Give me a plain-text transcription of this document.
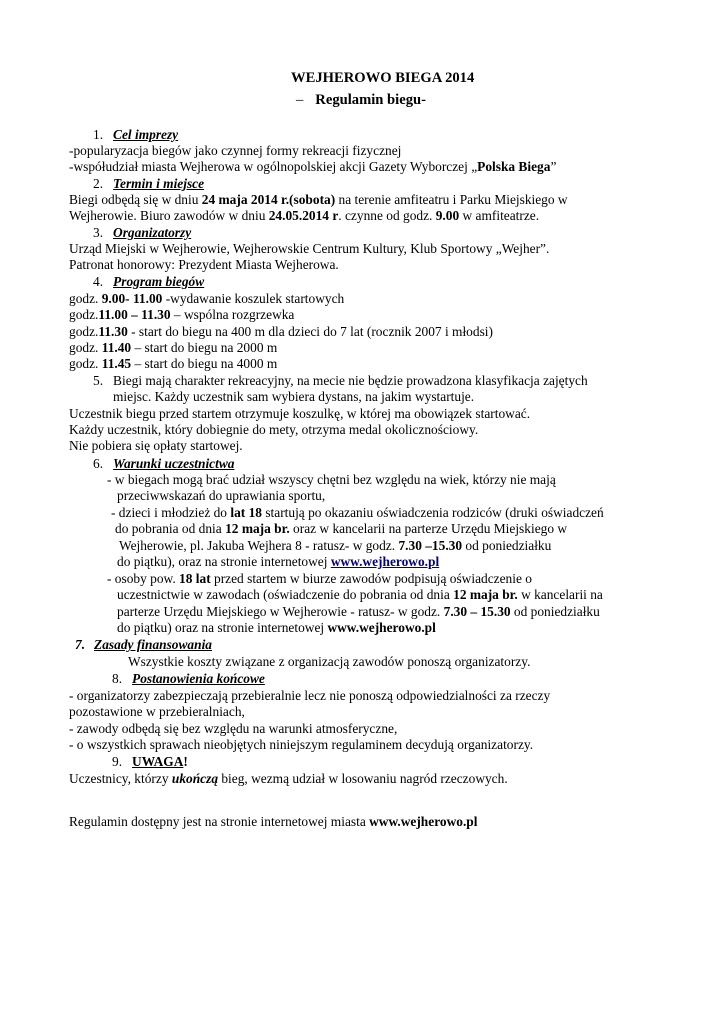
WEJHEROWO BIEGA 2014
– Regulamin biegu-
1. Cel imprezy
-popularyzacja biegów jako czynnej formy rekreacji fizycznej
-współudział miasta Wejherowa w ogólnopolskiej akcji Gazety Wyborczej „Polska Biega”
2. Termin i miejsce
Biegi odbędą się w dniu 24 maja 2014 r.(sobota) na terenie amfiteatru i Parku Miejskiego w
Wejherowie. Biuro zawodów w dniu 24.05.2014 r. czynne od godz. 9.00 w amfiteatrze.
3. Organizatorzy
Urząd Miejski w Wejherowie, Wejherowskie Centrum Kultury, Klub Sportowy „Wejher”.
Patronat honorowy: Prezydent Miasta Wejherowa.
4. Program biegów
godz. 9.00- 11.00 -wydawanie koszulek startowych
godz.11.00 – 11.30 – wspólna rozgrzewka
godz.11.30 - start do biegu na 400 m dla dzieci do 7 lat (rocznik 2007 i młodsi)
godz. 11.40 – start do biegu na 2000 m
godz. 11.45 – start do biegu na 4000 m
5. Biegi mają charakter rekreacyjny, na mecie nie będzie prowadzona klasyfikacja zajętych
miejsc. Każdy uczestnik sam wybiera dystans, na jakim wystartuje.
Uczestnik biegu przed startem otrzymuje koszulkę, w której ma obowiązek startować.
Każdy uczestnik, który dobiegnie do mety, otrzyma medal okolicznościowy.
Nie pobiera się opłaty startowej.
6. Warunki uczestnictwa
- w biegach mogą brać udział wszyscy chętni bez względu na wiek, którzy nie mają
przeciwwskazań do uprawiania sportu,
- dzieci i młodzież do lat 18 startują po okazaniu oświadczenia rodziców (druki oświadczeń
do pobrania od dnia 12 maja br. oraz w kancelarii na parterze Urzędu Miejskiego w
Wejherowie, pl. Jakuba Wejhera 8 - ratusz- w godz. 7.30 –15.30 od poniedziałku
do piątku), oraz na stronie internetowej www.wejherowo.pl
- osoby pow. 18 lat przed startem w biurze zawodów podpisują oświadczenie o
uczestnictwie w zawodach (oświadczenie do pobrania od dnia 12 maja br. w kancelarii na
parterze Urzędu Miejskiego w Wejherowie - ratusz- w godz. 7.30 – 15.30 od poniedziałku
do piątku) oraz na stronie internetowej www.wejherowo.pl
7. Zasady finansowania
Wszystkie koszty związane z organizacją zawodów ponoszą organizatorzy.
8. Postanowienia końcowe
- organizatorzy zabezpieczają przebieralnie lecz nie ponoszą odpowiedzialności za rzeczy
pozostawione w przebieralniach,
- zawody odbędą się bez względu na warunki atmosferyczne,
- o wszystkich sprawach nieobjętych niniejszym regulaminem decydują organizatorzy.
9. UWAGA!
Uczestnicy, którzy ukończą bieg, wezmą udział w losowaniu nagród rzeczowych.
Regulamin dostępny jest na stronie internetowej miasta www.wejherowo.pl
